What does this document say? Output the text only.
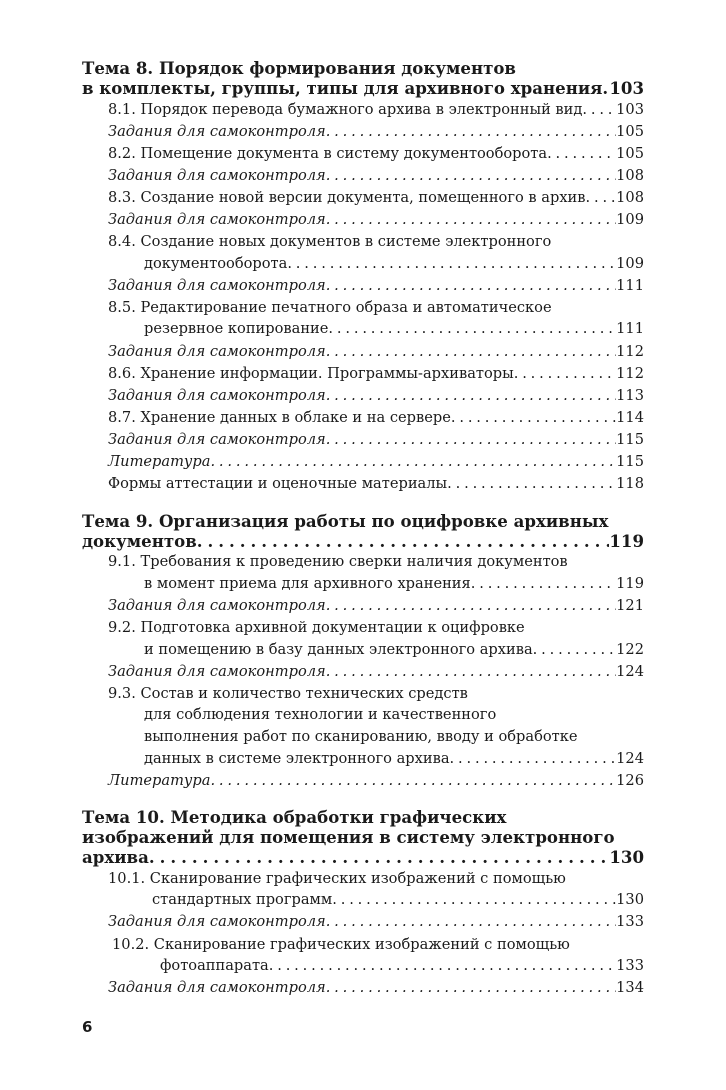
Тема 8. Порядок формирования документов
в комплекты, группы, типы для архивного хранения . . . 103
8.1. Порядок перевода бумажного архива в электронный вид . . . 103
Задания для самоконтроля . . .	105
8.2. Помещение документа в систему документооборота . . .	105
Задания для самоконтроля . . .	108
8.3. Создание новой версии документа, помещенного в архив . . . 108
Задания для самоконтроля . . .	109
8.4. Создание новых документов в системе электронного
документооборота . . .	109
Задания для самоконтроля . . .	111
8.5. Редактирование печатного образа и автоматическое
резервное копирование . . .	111
Задания для самоконтроля . . .	112
8.6. Хранение информации. Программы-архиваторы . . .	112
Задания для самоконтроля . . .	113
8.7. Хранение данных в облаке и на сервере . . .	114
Задания для самоконтроля . . .	115
Литература . . .	115
Формы аттестации и оценочные материалы . . .	118
Тема 9. Организация работы по оцифровке архивных
документов . . .	119
9.1. Требования к проведению сверки наличия документов
в момент приема для архивного хранения . . .	119
Задания для самоконтроля . . .	121
9.2. Подготовка архивной документации к оцифровке
и помещению в базу данных электронного архива . . .	122
Задания для самоконтроля . . .	124
9.3. Состав и количество технических средств
для соблюдения технологии и качественного
выполнения работ по сканированию, вводу и обработке
данных в системе электронного архива . . .	124
Литература . . .	126
Тема 10. Методика обработки графических
изображений для помещения в систему электронного
архива . . .	130
10.1. Сканирование графических изображений с помощью
стандартных программ . . .	130
Задания для самоконтроля . . .	133
10.2. Сканирование графических изображений с помощью
фотоаппарата . . .	133
Задания для самоконтроля . . .	134
6
